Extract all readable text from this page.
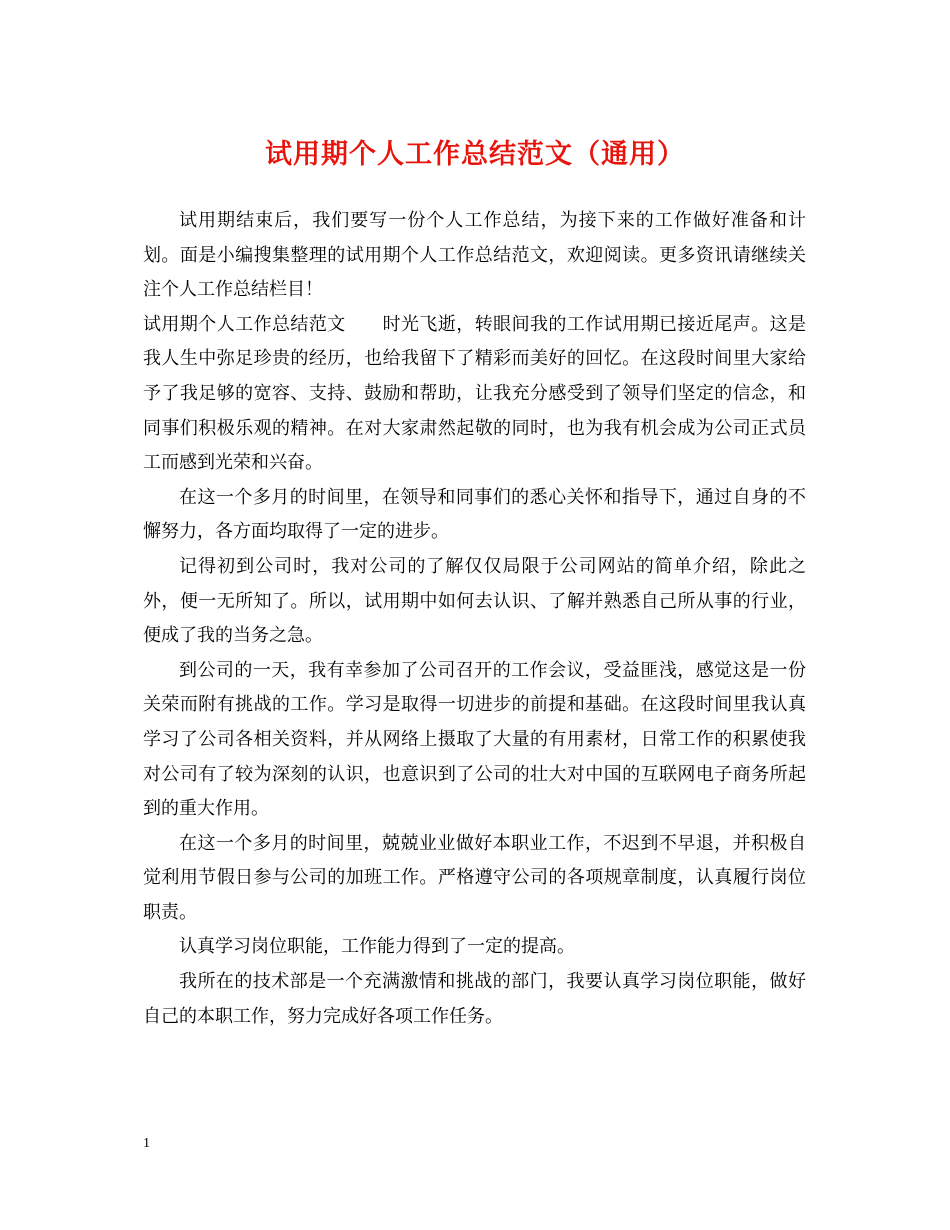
试用期个人工作总结范文（通用）

试用期结束后，我们要写一份个人工作总结，为接下来的工作做好准备和计划。面是小编搜集整理的试用期个人工作总结范文，欢迎阅读。更多资讯请继续关注个人工作总结栏目！

试用期个人工作总结范文　　时光飞逝，转眼间我的工作试用期已接近尾声。这是我人生中弥足珍贵的经历，也给我留下了精彩而美好的回忆。在这段时间里大家给予了我足够的宽容、支持、鼓励和帮助，让我充分感受到了领导们坚定的信念，和同事们积极乐观的精神。在对大家肃然起敬的同时，也为我有机会成为公司正式员工而感到光荣和兴奋。

在这一个多月的时间里，在领导和同事们的悉心关怀和指导下，通过自身的不懈努力，各方面均取得了一定的进步。

记得初到公司时，我对公司的了解仅仅局限于公司网站的简单介绍，除此之外，便一无所知了。所以，试用期中如何去认识、了解并熟悉自己所从事的行业，便成了我的当务之急。

到公司的一天，我有幸参加了公司召开的工作会议，受益匪浅，感觉这是一份关荣而附有挑战的工作。学习是取得一切进步的前提和基础。在这段时间里我认真学习了公司各相关资料，并从网络上摄取了大量的有用素材，日常工作的积累使我对公司有了较为深刻的认识，也意识到了公司的壮大对中国的互联网电子商务所起到的重大作用。

在这一个多月的时间里，兢兢业业做好本职业工作，不迟到不早退，并积极自觉利用节假日参与公司的加班工作。严格遵守公司的各项规章制度，认真履行岗位职责。

认真学习岗位职能，工作能力得到了一定的提高。

我所在的技术部是一个充满激情和挑战的部门，我要认真学习岗位职能，做好自己的本职工作，努力完成好各项工作任务。

1
